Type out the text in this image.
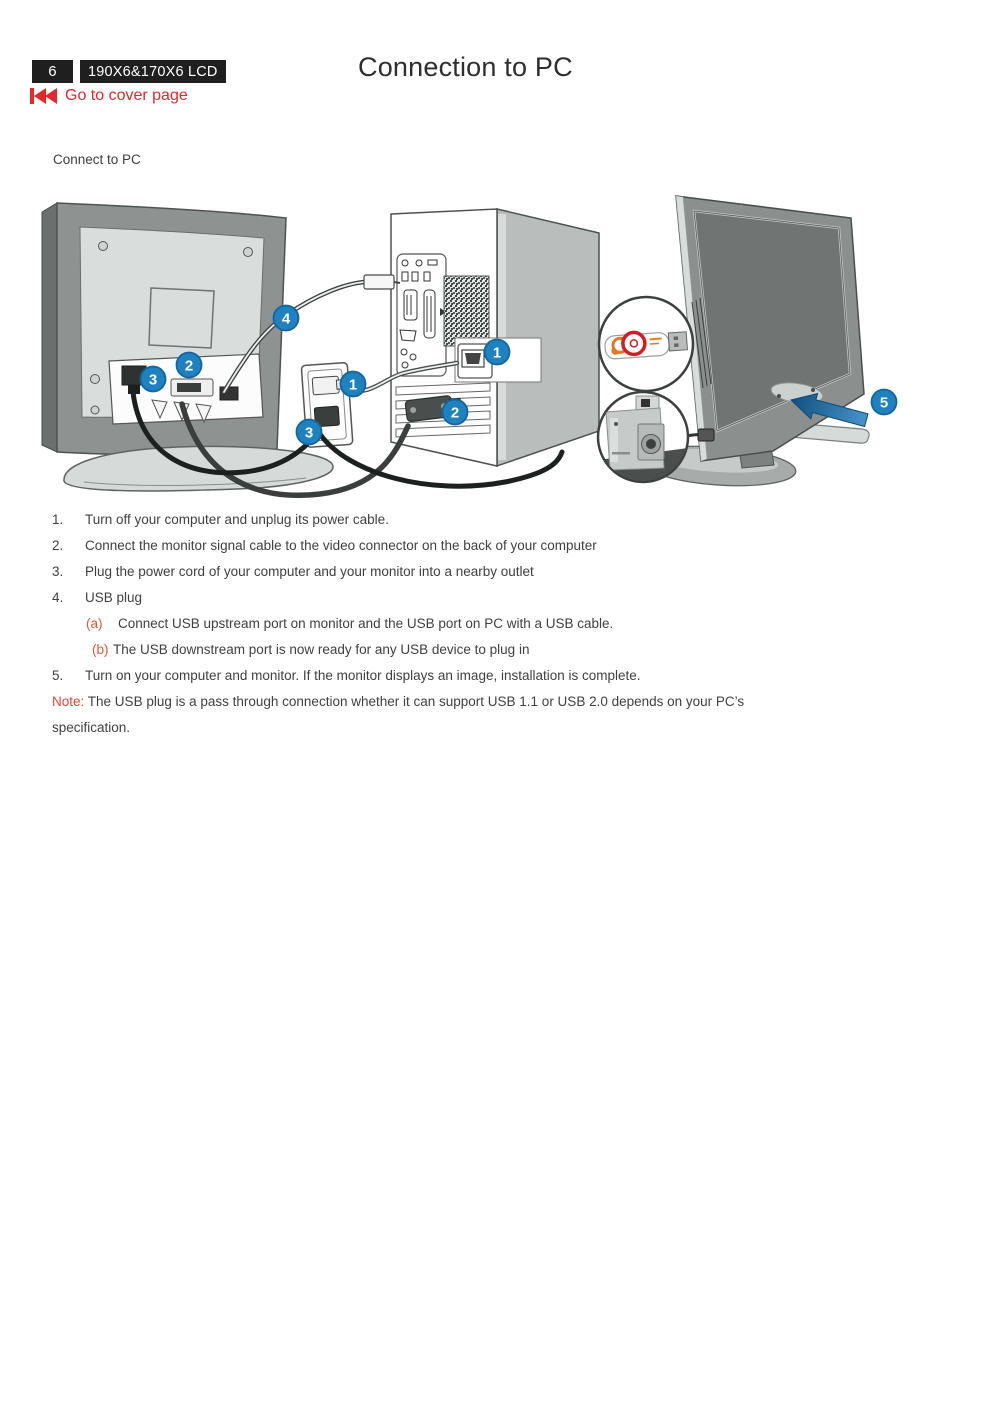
6	190X6&170X6 LCD	Connection to PC
Go to cover page
Connect to PC
4
2
3	1
3
1
2
5
1.	Turn off your computer and unplug its power cable.
2.	Connect the monitor signal cable to the video connector on the back of your computer
3.	Plug the power cord of your computer and your monitor into a nearby outlet
4.	USB plug
(a) Connect USB upstream port on monitor and the USB port on PC with a USB cable.
(b) The USB downstream port is now ready for any USB device to plug in
5.	Turn on your computer and monitor. If the monitor displays an image, installation is complete.
Note: The USB plug is a pass through connection whether it can support USB 1.1 or USB 2.0 depends on your PC’s
specification.
